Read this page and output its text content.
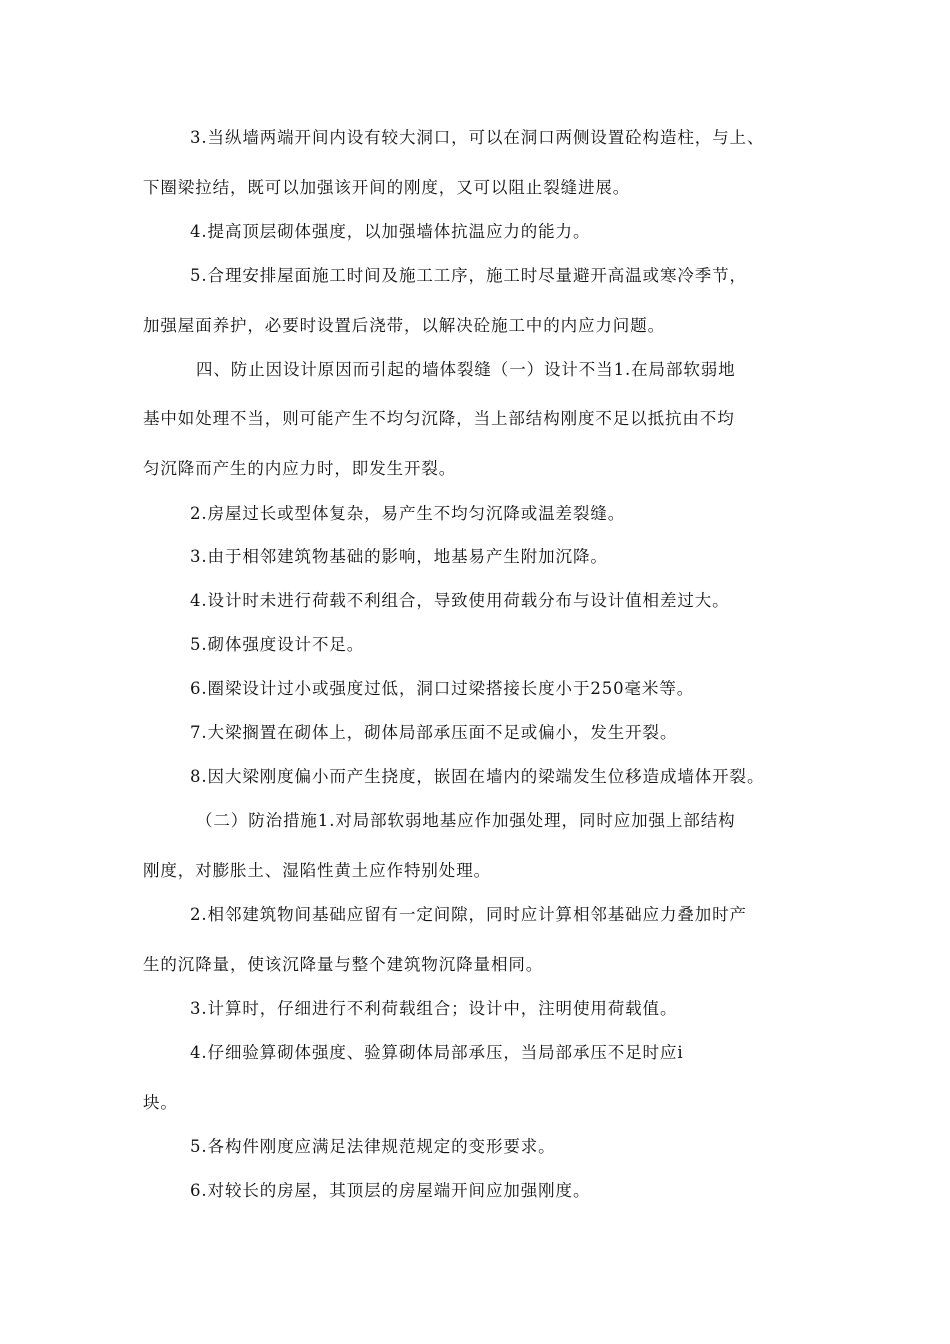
3.当纵墙两端开间内设有较大洞口，可以在洞口两侧设置砼构造柱，与上、
下圈梁拉结，既可以加强该开间的刚度，又可以阻止裂缝进展。
4.提高顶层砌体强度，以加强墙体抗温应力的能力。
5.合理安排屋面施工时间及施工工序，施工时尽量避开高温或寒冷季节，
加强屋面养护，必要时设置后浇带，以解决砼施工中的内应力问题。
四、防止因设计原因而引起的墙体裂缝（一）设计不当1.在局部软弱地
基中如处理不当，则可能产生不均匀沉降，当上部结构刚度不足以抵抗由不均
匀沉降而产生的内应力时，即发生开裂。
2.房屋过长或型体复杂，易产生不均匀沉降或温差裂缝。
3.由于相邻建筑物基础的影响，地基易产生附加沉降。
4.设计时未进行荷载不利组合，导致使用荷载分布与设计值相差过大。
5.砌体强度设计不足。
6.圈梁设计过小或强度过低，洞口过梁搭接长度小于250毫米等。
7.大梁搁置在砌体上，砌体局部承压面不足或偏小，发生开裂。
8.因大梁刚度偏小而产生挠度，嵌固在墙内的梁端发生位移造成墙体开裂。
（二）防治措施1.对局部软弱地基应作加强处理，同时应加强上部结构
刚度，对膨胀土、湿陷性黄土应作特别处理。
2.相邻建筑物间基础应留有一定间隙，同时应计算相邻基础应力叠加时产
生的沉降量，使该沉降量与整个建筑物沉降量相同。
3.计算时，仔细进行不利荷载组合；设计中，注明使用荷载值。
4.仔细验算砌体强度、验算砌体局部承压，当局部承压不足时应i
块。
5.各构件刚度应满足法律规范规定的变形要求。
6.对较长的房屋，其顶层的房屋端开间应加强刚度。
